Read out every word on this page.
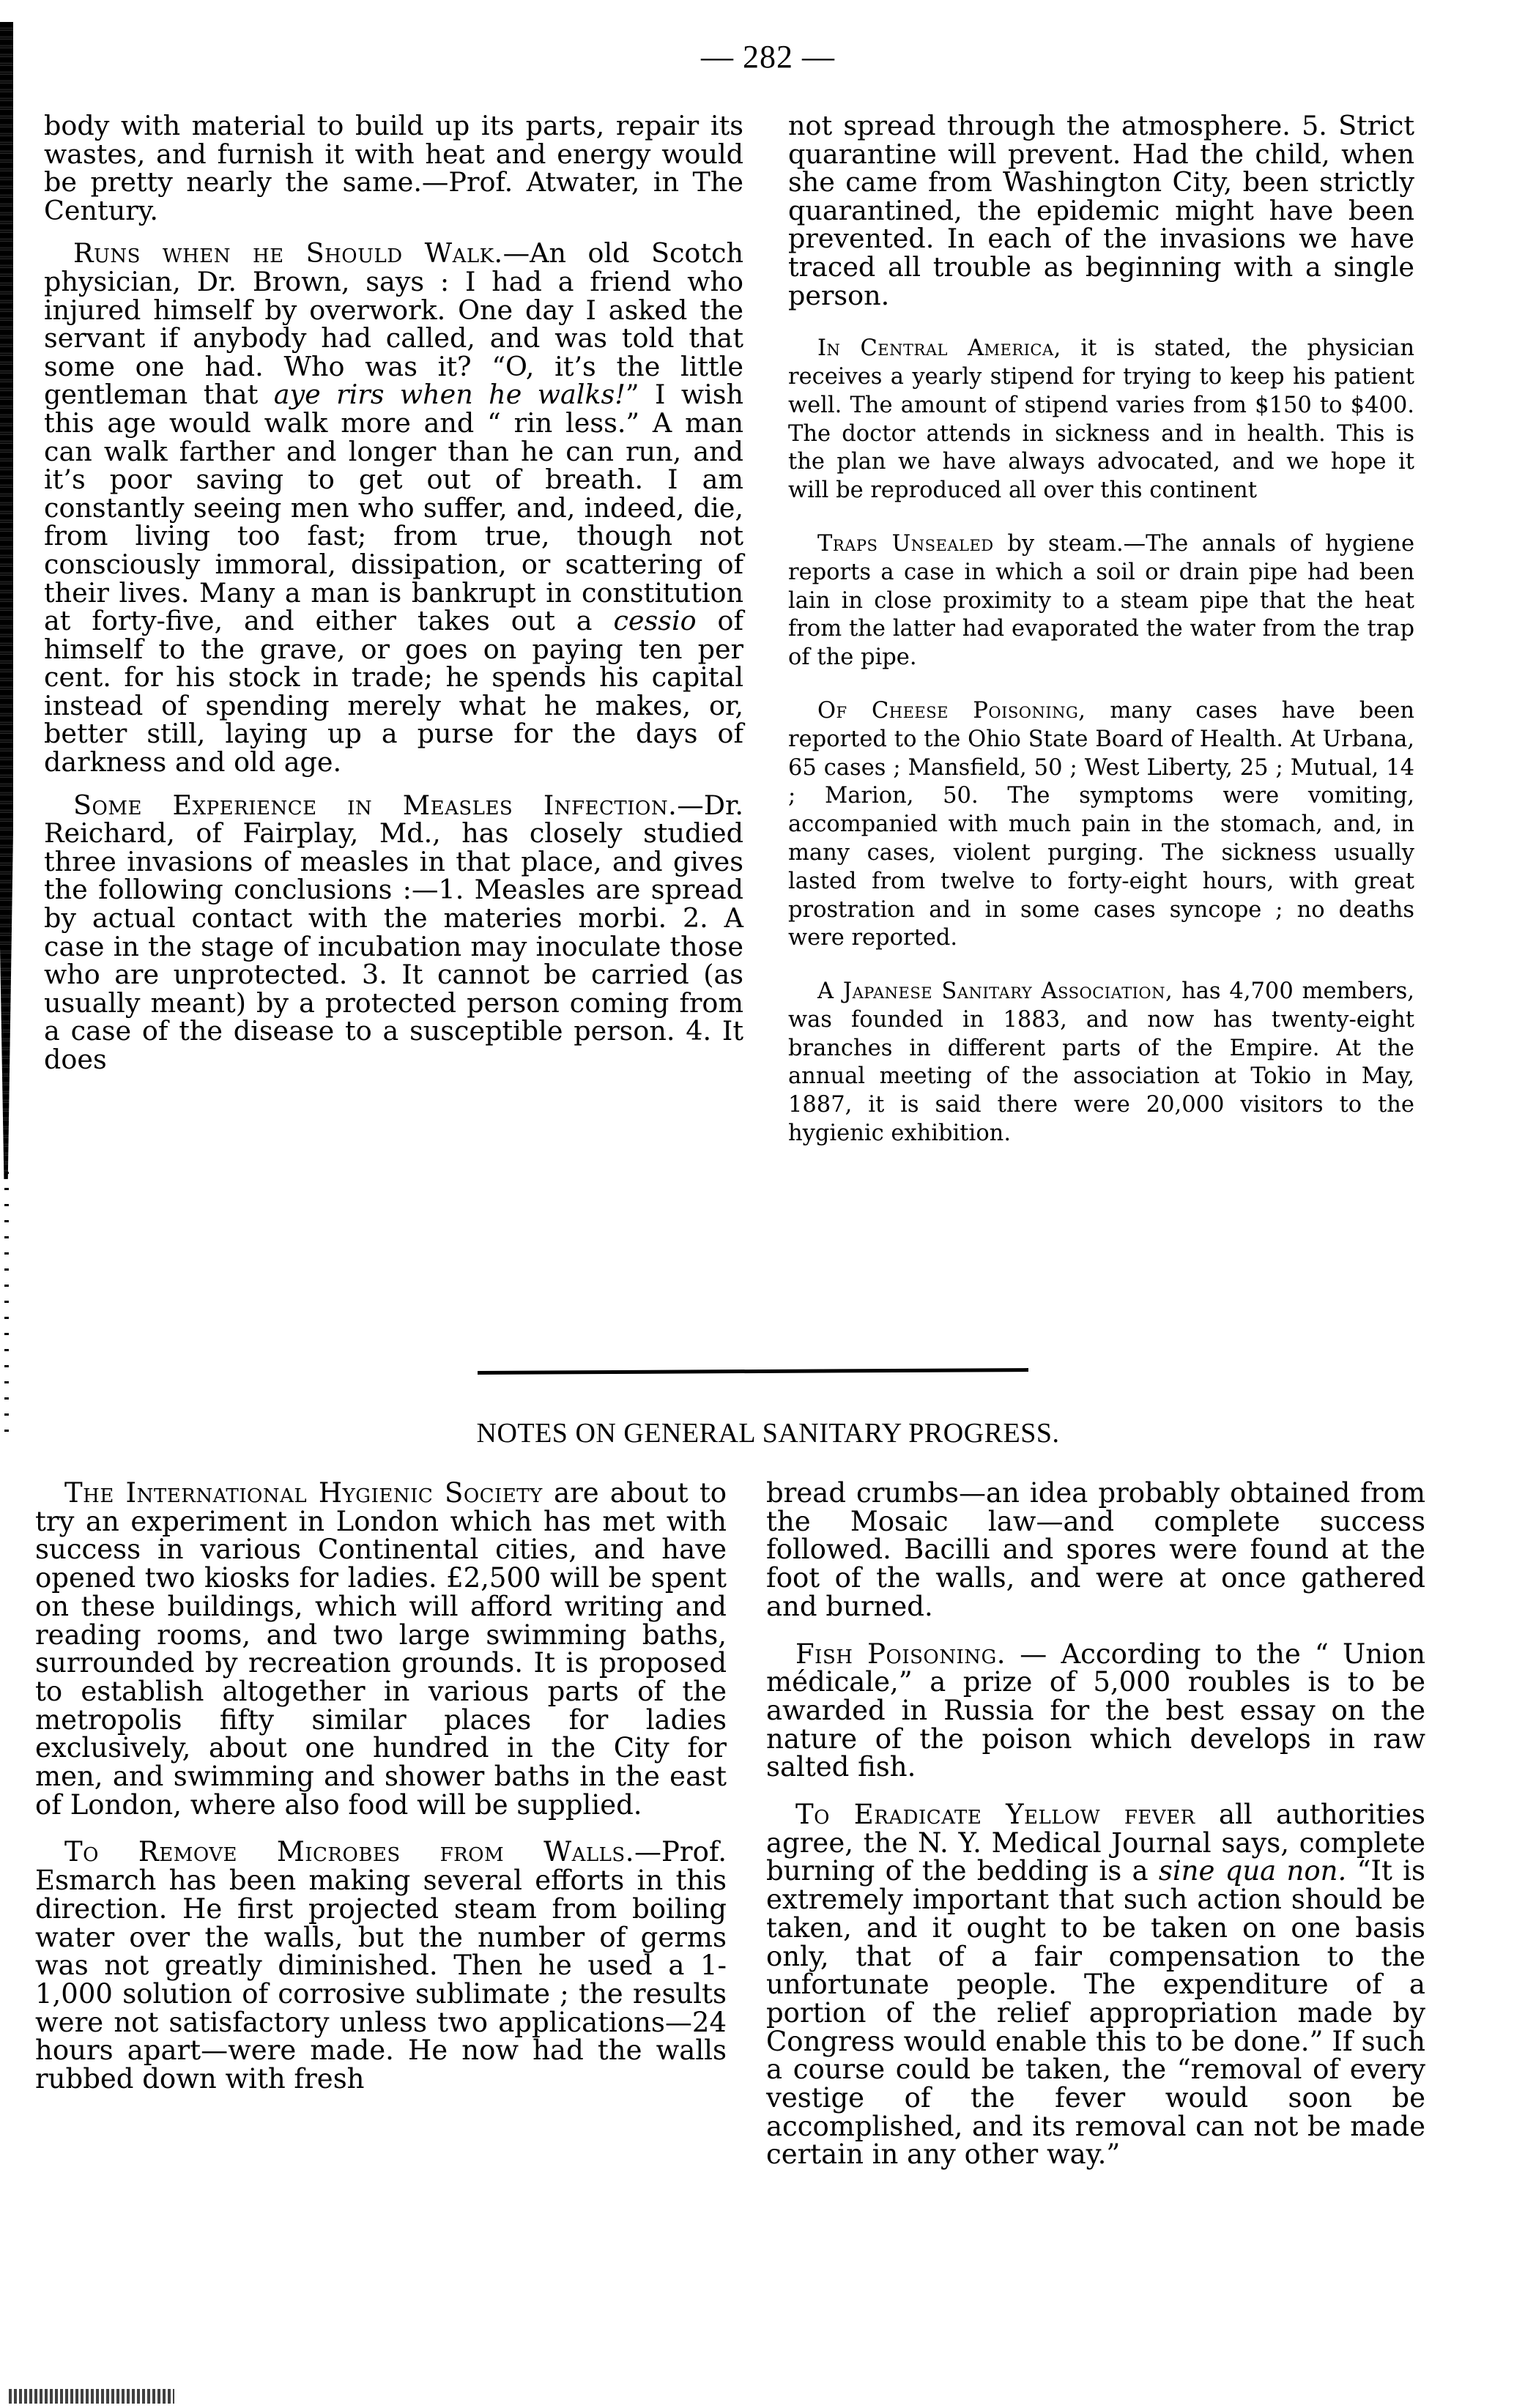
— 282 —

body with material to build up its parts, repair its wastes, and furnish it with heat and energy would be pretty nearly the same.—Prof. Atwater, in The Century.

Runs when he Should Walk.—An old Scotch physician, Dr. Brown, says : I had a friend who injured himself by overwork. One day I asked the servant if anybody had called, and was told that some one had. Who was it? “O, it’s the little gentleman that aye rirs when he walks!” I wish this age would walk more and “ rin less.” A man can walk farther and longer than he can run, and it’s poor saving to get out of breath. I am constantly seeing men who suffer, and, indeed, die, from living too fast; from true, though not consciously immoral, dissipation, or scattering of their lives. Many a man is bankrupt in constitution at forty-five, and either takes out a cessio of himself to the grave, or goes on paying ten per cent. for his stock in trade; he spends his capital instead of spending merely what he makes, or, better still, laying up a purse for the days of darkness and old age.

Some Experience in Measles Infection.—Dr. Reichard, of Fairplay, Md., has closely studied three invasions of measles in that place, and gives the following conclusions :—1. Measles are spread by actual contact with the materies morbi. 2. A case in the stage of incubation may inoculate those who are unprotected. 3. It cannot be carried (as usually meant) by a protected person coming from a case of the disease to a susceptible person. 4. It does

not spread through the atmosphere. 5. Strict quarantine will prevent. Had the child, when she came from Washington City, been strictly quarantined, the epidemic might have been prevented. In each of the invasions we have traced all trouble as beginning with a single person.

In Central America, it is stated, the physician receives a yearly stipend for trying to keep his patient well. The amount of stipend varies from $150 to $400. The doctor attends in sickness and in health. This is the plan we have always advocated, and we hope it will be reproduced all over this continent

Traps Unsealed by steam.—The annals of hygiene reports a case in which a soil or drain pipe had been lain in close proximity to a steam pipe that the heat from the latter had evaporated the water from the trap of the pipe.

Of Cheese Poisoning, many cases have been reported to the Ohio State Board of Health. At Urbana, 65 cases ; Mansfield, 50 ; West Liberty, 25 ; Mutual, 14 ; Marion, 50. The symptoms were vomiting, accompanied with much pain in the stomach, and, in many cases, violent purging. The sickness usually lasted from twelve to forty-eight hours, with great prostration and in some cases syncope ; no deaths were reported.

A Japanese Sanitary Association, has 4,700 members, was founded in 1883, and now has twenty-eight branches in different parts of the Empire. At the annual meeting of the association at Tokio in May, 1887, it is said there were 20,000 visitors to the hygienic exhibition.

NOTES ON GENERAL SANITARY PROGRESS.

The International Hygienic Society are about to try an experiment in London which has met with success in various Continental cities, and have opened two kiosks for ladies. £2,500 will be spent on these buildings, which will afford writing and reading rooms, and two large swimming baths, surrounded by recreation grounds. It is proposed to establish altogether in various parts of the metropolis fifty similar places for ladies exclusively, about one hundred in the City for men, and swimming and shower baths in the east of London, where also food will be supplied.

To Remove Microbes from Walls.—Prof. Esmarch has been making several efforts in this direction. He first projected steam from boiling water over the walls, but the number of germs was not greatly diminished. Then he used a 1-1,000 solution of corrosive sublimate ; the results were not satisfactory unless two applications—24 hours apart—were made. He now had the walls rubbed down with fresh

bread crumbs—an idea probably obtained from the Mosaic law—and complete success followed. Bacilli and spores were found at the foot of the walls, and were at once gathered and burned.

Fish Poisoning. — According to the “ Union médicale,” a prize of 5,000 roubles is to be awarded in Russia for the best essay on the nature of the poison which develops in raw salted fish.

To Eradicate Yellow fever all authorities agree, the N. Y. Medical Journal says, complete burning of the bedding is a sine qua non. “It is extremely important that such action should be taken, and it ought to be taken on one basis only, that of a fair compensation to the unfortunate people. The expenditure of a portion of the relief appropriation made by Congress would enable this to be done.” If such a course could be taken, the “removal of every vestige of the fever would soon be accomplished, and its removal can not be made certain in any other way.”
